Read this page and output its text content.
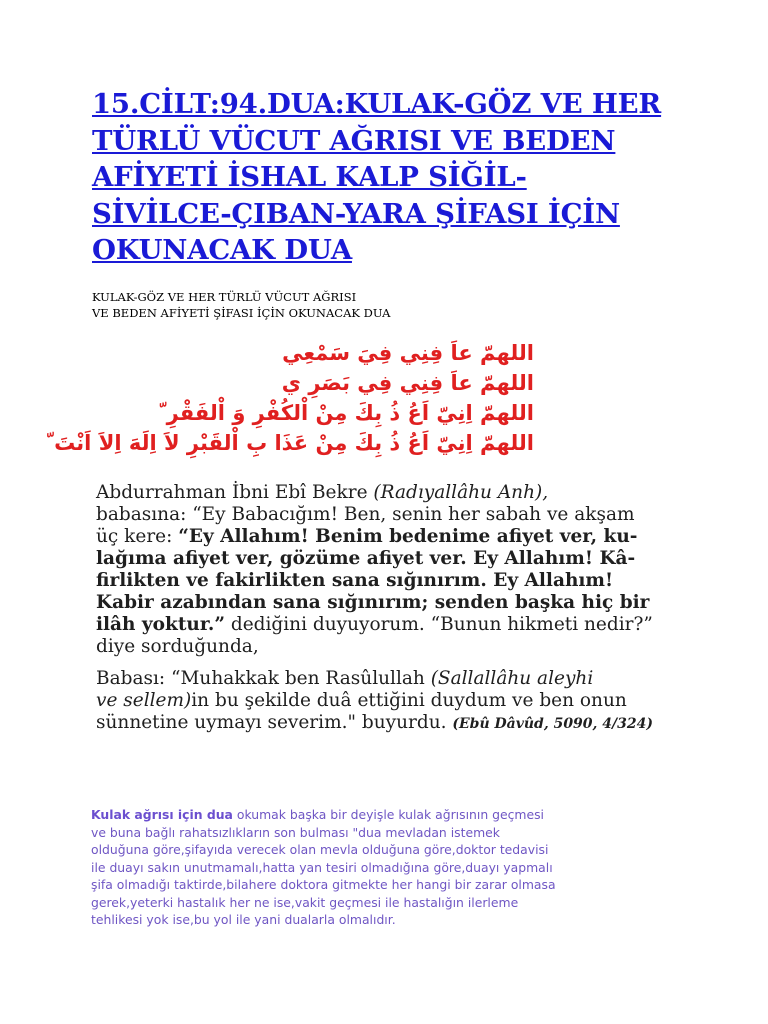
15.CİLT:94.DUA:KULAK-GÖZ VE HER TÜRLÜ VÜCUT AĞRISI VE BEDEN AFİYETİ İSHAL KALP SİĞİL- SİVİLCE-ÇIBAN-YARA ŞİFASI İÇİN OKUNACAK DUA
KULAK-GÖZ VE HER TÜRLÜ VÜCUT AĞRISI
VE BEDEN AFİYETİ ŞİFASI İÇİN OKUNACAK DUA
اللهمّ عاَ فِنِي فِيَ سَمْعِي
اللهمّ عاَ فِنِي فِي بَصَرِ ي
اللهمّ اِنِيّ اَعُ ذُ بِكَ مِنْ اْلكُفْرِ وَ اْلفَقْرِ ّ
اللهمّ اِنِيّ اَعُ ذُ بِكَ مِنْ عَذَا بِ اْلقَبْرِ لاَ اِلَهَ اِلاَ اَنْتَ ّ
Abdurrahman İbni Ebî Bekre (Radıyallâhu Anh),
babasına: “Ey Babacığım! Ben, senin her sabah ve akşam
üç kere: “Ey Allahım! Benim bedenime afiyet ver, ku-
lağıma afiyet ver, gözüme afiyet ver. Ey Allahım! Kâ-
firlikten ve fakirlikten sana sığınırım. Ey Allahım!
Kabir azabından sana sığınırım; senden başka hiç bir
ilâh yoktur.” dediğini duyuyorum. “Bunun hikmeti nedir?”
diye sorduğunda,
Babası: “Muhakkak ben Rasûlullah (Sallallâhu aleyhi
ve sellem)in bu şekilde duâ ettiğini duydum ve ben onun
sünnetine uymayı severim." buyurdu. (Ebû Dâvûd, 5090, 4/324)
Kulak ağrısı için dua okumak başka bir deyişle kulak ağrısının geçmesi
ve buna bağlı rahatsızlıkların son bulması "dua mevladan istemek
olduğuna göre,şifayıda verecek olan mevla olduğuna göre,doktor tedavisi
ile duayı sakın unutmamalı,hatta yan tesiri olmadığına göre,duayı yapmalı
şifa olmadığı taktirde,bilahere doktora gitmekte her hangi bir zarar olmasa
gerek,yeterki hastalık her ne ise,vakit geçmesi ile hastalığın ilerleme
tehlikesi yok ise,bu yol ile yani dualarla olmalıdır.
